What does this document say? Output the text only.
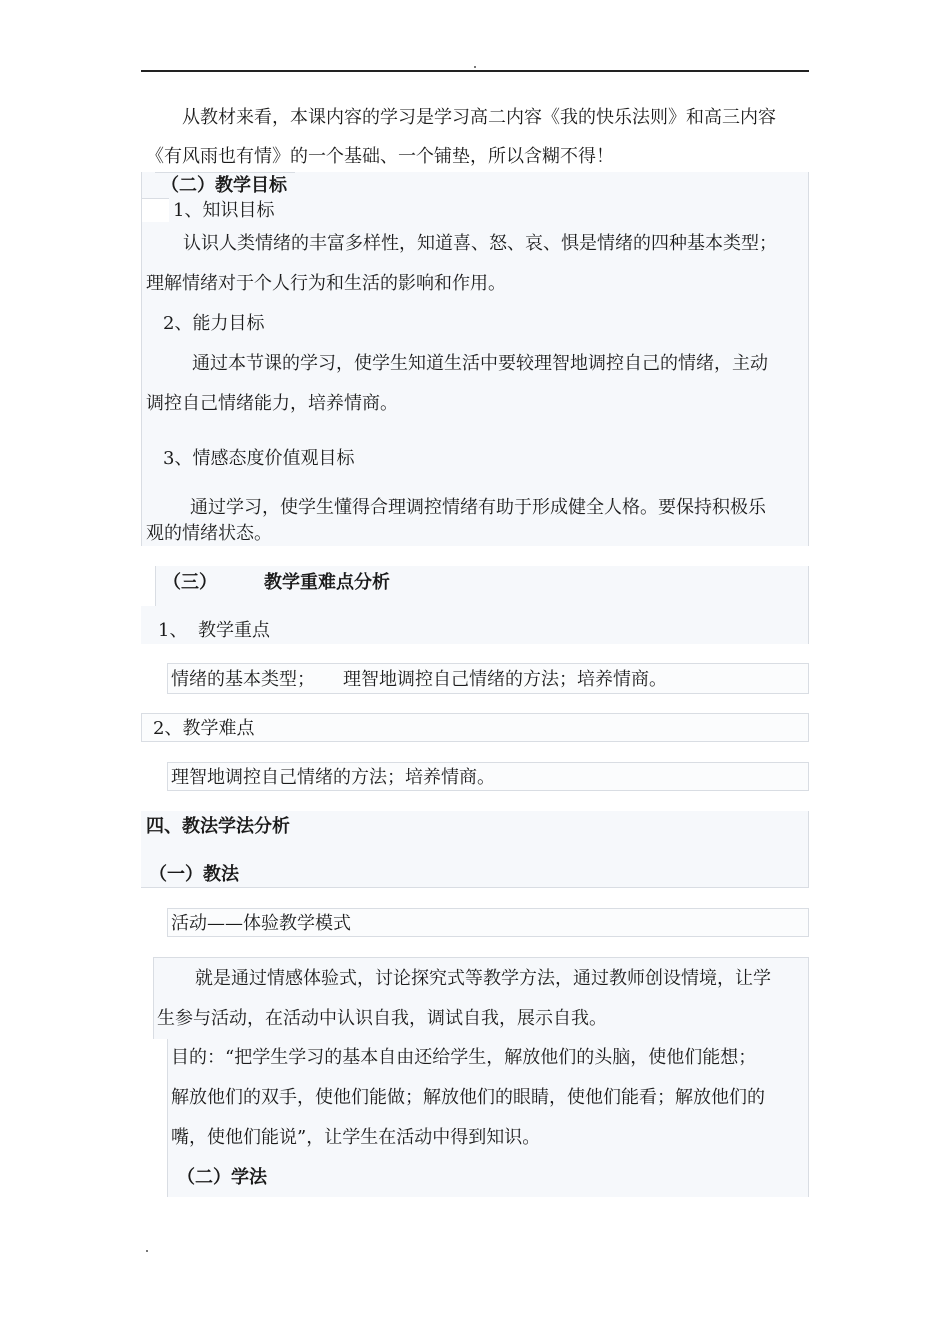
从教材来看，本课内容的学习是学习高二内容《我的快乐法则》和高三内容
《有风雨也有情》的一个基础、一个铺垫，所以含糊不得！
（二）教学目标
1、知识目标
认识人类情绪的丰富多样性，知道喜、怒、哀、惧是情绪的四种基本类型；
理解情绪对于个人行为和生活的影响和作用。
2、能力目标
通过本节课的学习，使学生知道生活中要较理智地调控自己的情绪，主动
调控自己情绪能力，培养情商。
3、情感态度价值观目标
通过学习，使学生懂得合理调控情绪有助于形成健全人格。要保持积极乐
观的情绪状态。
（三）	教学重难点分析
1、 教学重点
情绪的基本类型； 理智地调控自己情绪的方法；培养情商。
2、教学难点
理智地调控自己情绪的方法；培养情商。
四、教法学法分析
（一）教法
活动——体验教学模式
就是通过情感体验式，讨论探究式等教学方法，通过教师创设情境，让学
生参与活动，在活动中认识自我，调试自我，展示自我。
目的：“把学生学习的基本自由还给学生，解放他们的头脑，使他们能想；
解放他们的双手，使他们能做；解放他们的眼睛，使他们能看；解放他们的
嘴，使他们能说”，让学生在活动中得到知识。
（二）学法
